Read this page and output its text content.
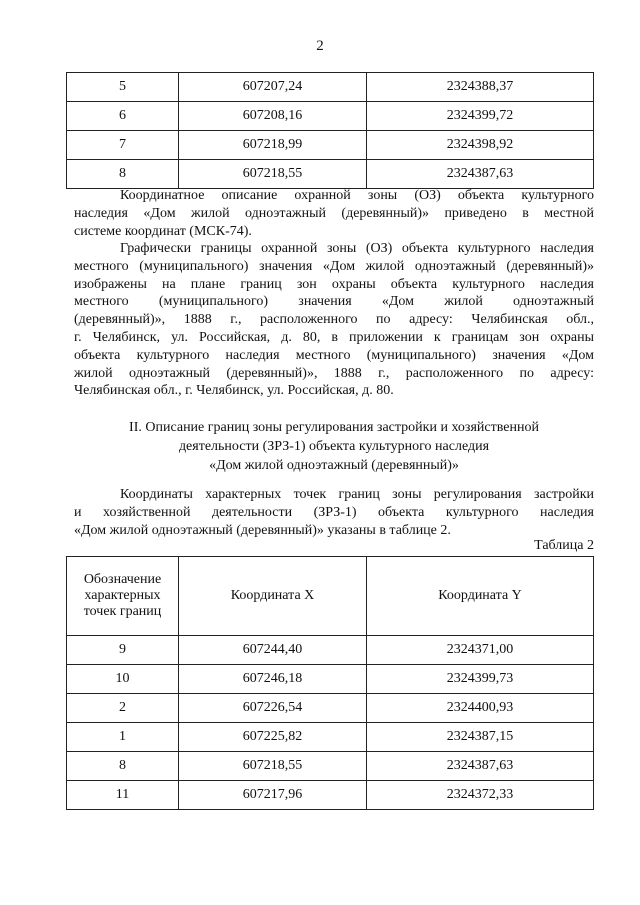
2
5	607207,24	2324388,37
6	607208,16	2324399,72
7	607218,99	2324398,92
8	607218,55	2324387,63

Координатное описание охранной зоны (ОЗ) объекта культурного
наследия «Дом жилой одноэтажный (деревянный)» приведено в местной
системе координат (МСК-74).

Графически границы охранной зоны (ОЗ) объекта культурного наследия
местного (муниципального) значения «Дом жилой одноэтажный (деревянный)»
изображены на плане границ зон охраны объекта культурного наследия
местного (муниципального) значения «Дом жилой одноэтажный
(деревянный)», 1888 г., расположенного по адресу: Челябинская обл.,
г. Челябинск, ул. Российская, д. 80, в приложении к границам зон охраны
объекта культурного наследия местного (муниципального) значения «Дом
жилой одноэтажный (деревянный)», 1888 г., расположенного по адресу:
Челябинская обл., г. Челябинск, ул. Российская, д. 80.

II. Описание границ зоны регулирования застройки и хозяйственной
деятельности (ЗРЗ-1) объекта культурного наследия
«Дом жилой одноэтажный (деревянный)»

Координаты характерных точек границ зоны регулирования застройки
и хозяйственной деятельности (ЗРЗ-1) объекта культурного наследия
«Дом жилой одноэтажный (деревянный)» указаны в таблице 2.

Таблица 2
Обозначение характерных точек границ	Координата X	Координата Y
9	607244,40	2324371,00
10	607246,18	2324399,73
2	607226,54	2324400,93
1	607225,82	2324387,15
8	607218,55	2324387,63
11	607217,96	2324372,33
